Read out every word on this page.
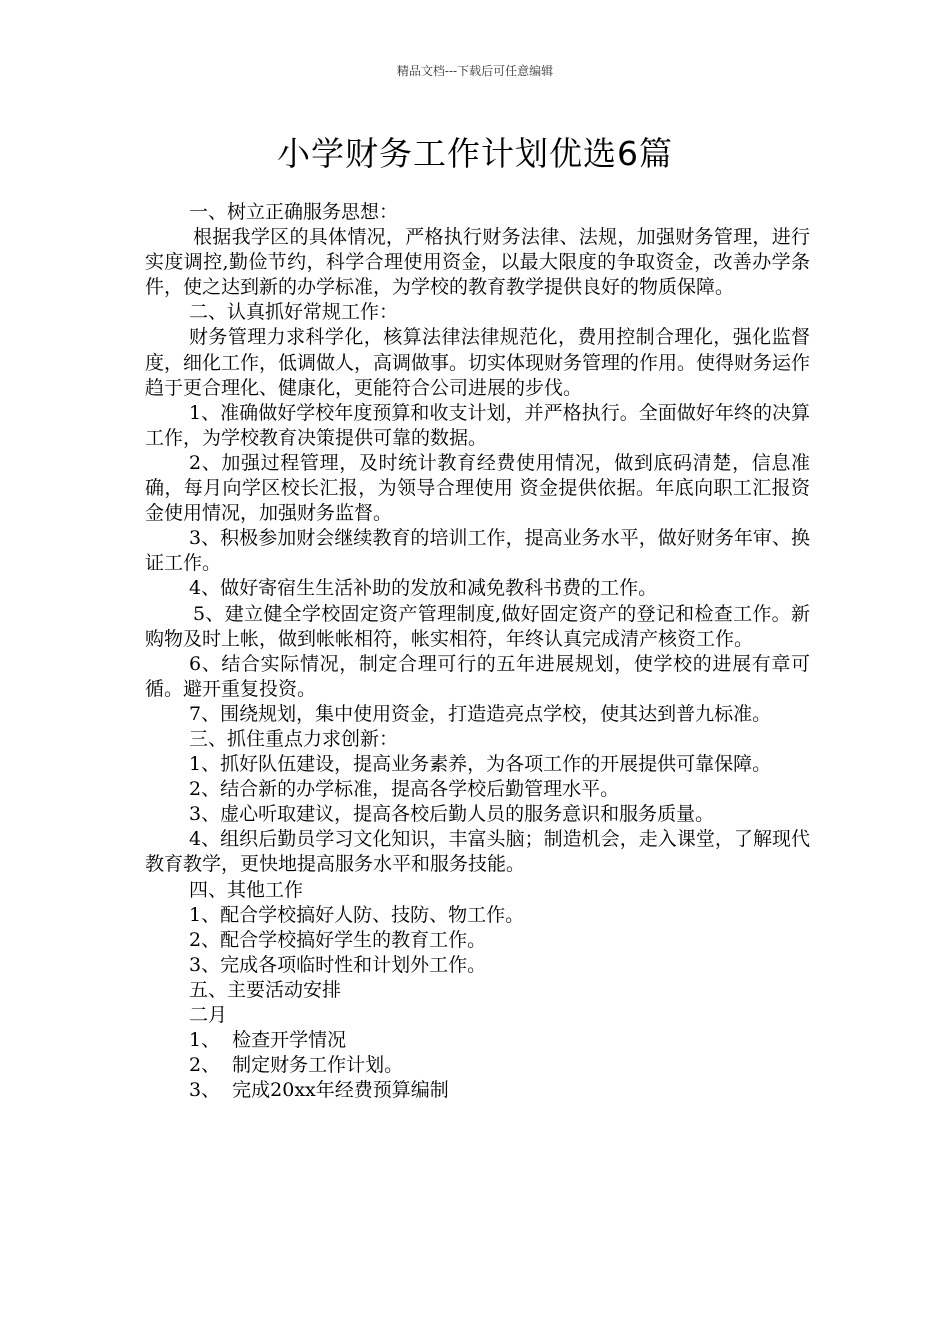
精品文档---下载后可任意编辑
小学财务工作计划优选6篇

一、树立正确服务思想：

根据我学区的具体情况，严格执行财务法律、法规，加强财务管理，进行实度调控,勤俭节约，科学合理使用资金，以最大限度的争取资金，改善办学条件，使之达到新的办学标准，为学校的教育教学提供良好的物质保障。

二、认真抓好常规工作：

财务管理力求科学化，核算法律法律规范化，费用控制合理化，强化监督度，细化工作，低调做人，高调做事。切实体现财务管理的作用。使得财务运作趋于更合理化、健康化，更能符合公司进展的步伐。

1、准确做好学校年度预算和收支计划，并严格执行。全面做好年终的决算工作，为学校教育决策提供可靠的数据。

2、加强过程管理，及时统计教育经费使用情况，做到底码清楚，信息准确，每月向学区校长汇报，为领导合理使用 资金提供依据。年底向职工汇报资金使用情况，加强财务监督。

3、积极参加财会继续教育的培训工作，提高业务水平，做好财务年审、换证工作。

4、做好寄宿生生活补助的发放和减免教科书费的工作。

5、建立健全学校固定资产管理制度,做好固定资产的登记和检查工作。新购物及时上帐，做到帐帐相符，帐实相符，年终认真完成清产核资工作。

6、结合实际情况，制定合理可行的五年进展规划，使学校的进展有章可循。避开重复投资。

7、围绕规划，集中使用资金，打造造亮点学校，使其达到普九标准。

三、抓住重点力求创新：

1、抓好队伍建设，提高业务素养，为各项工作的开展提供可靠保障。

2、结合新的办学标准，提高各学校后勤管理水平。

3、虚心听取建议，提高各校后勤人员的服务意识和服务质量。

4、组织后勤员学习文化知识，丰富头脑；制造机会，走入课堂，了解现代教育教学，更快地提高服务水平和服务技能。

四、其他工作

1、配合学校搞好人防、技防、物工作。

2、配合学校搞好学生的教育工作。

3、完成各项临时性和计划外工作。

五、主要活动安排

二月

1、  检查开学情况

2、  制定财务工作计划。

3、  完成20xx年经费预算编制
